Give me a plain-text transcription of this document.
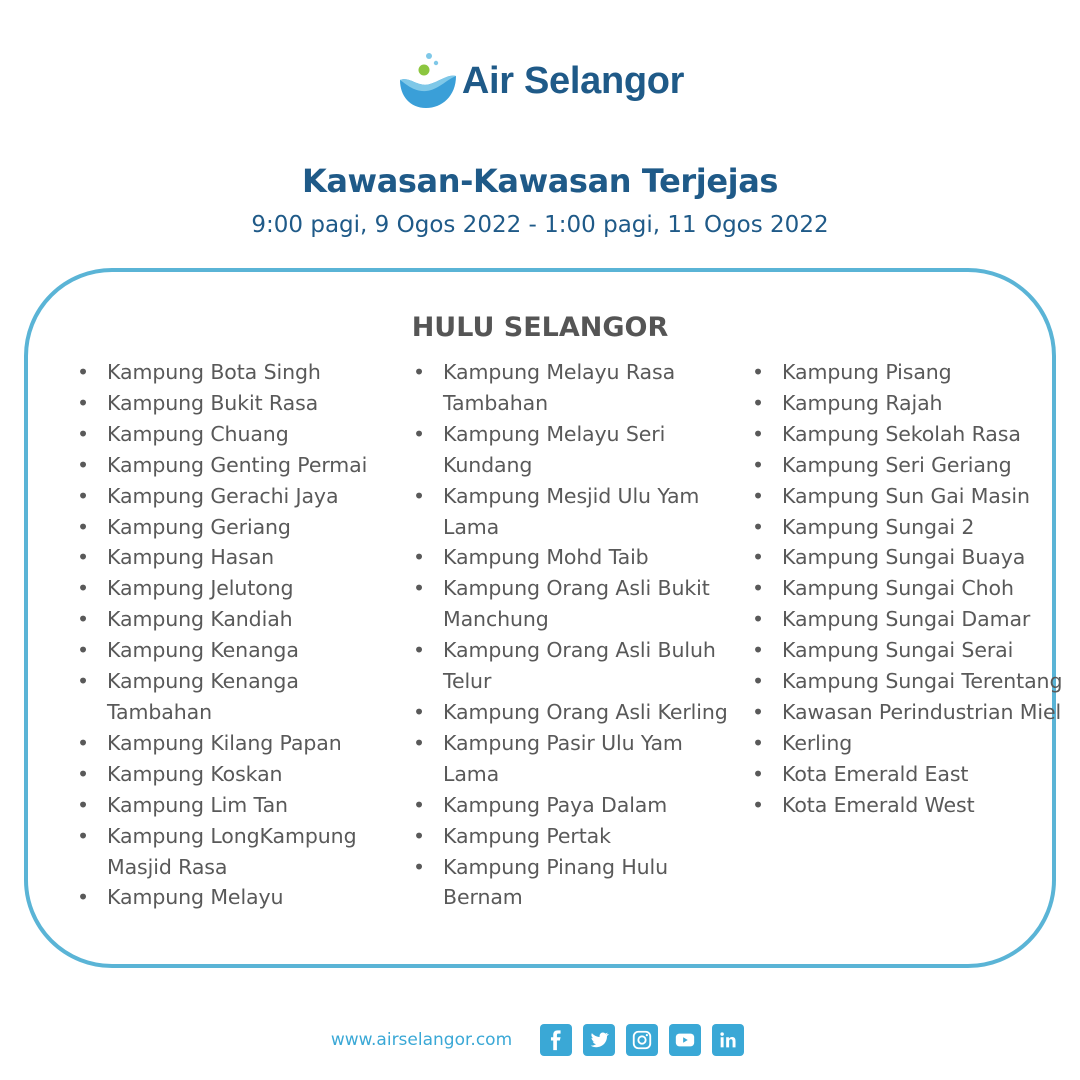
Air Selangor
Kawasan-Kawasan Terjejas
9:00 pagi, 9 Ogos 2022 - 1:00 pagi, 11 Ogos 2022
HULU SELANGOR
• Kampung Bota Singh
• Kampung Bukit Rasa
• Kampung Chuang
• Kampung Genting Permai
• Kampung Gerachi Jaya
• Kampung Geriang
• Kampung Hasan
• Kampung Jelutong
• Kampung Kandiah
• Kampung Kenanga
• Kampung Kenanga Tambahan
• Kampung Kilang Papan
• Kampung Koskan
• Kampung Lim Tan
• Kampung LongKampung Masjid Rasa
• Kampung Melayu
• Kampung Melayu Rasa Tambahan
• Kampung Melayu Seri Kundang
• Kampung Mesjid Ulu Yam Lama
• Kampung Mohd Taib
• Kampung Orang Asli Bukit Manchung
• Kampung Orang Asli Buluh Telur
• Kampung Orang Asli Kerling
• Kampung Pasir Ulu Yam Lama
• Kampung Paya Dalam
• Kampung Pertak
• Kampung Pinang Hulu Bernam
• Kampung Pisang
• Kampung Rajah
• Kampung Sekolah Rasa
• Kampung Seri Geriang
• Kampung Sun Gai Masin
• Kampung Sungai 2
• Kampung Sungai Buaya
• Kampung Sungai Choh
• Kampung Sungai Damar
• Kampung Sungai Serai
• Kampung Sungai Terentang
• Kawasan Perindustrian Miel
• Kerling
• Kota Emerald East
• Kota Emerald West
www.airselangor.com
